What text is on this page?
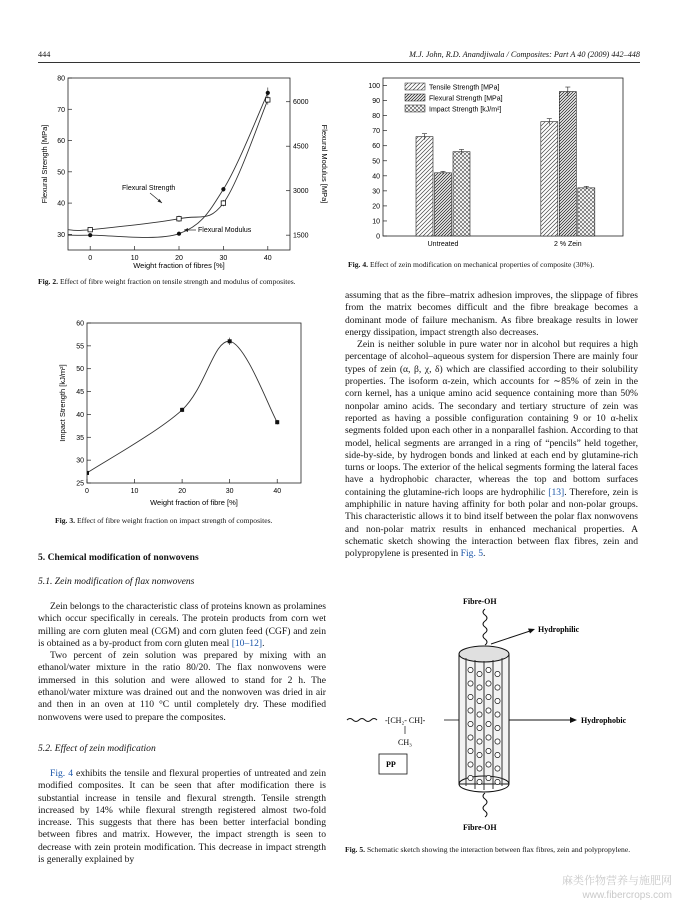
444	M.J. John, R.D. Anandjiwala / Composites: Part A 40 (2009) 442–448
0	10	20	30	40
30
40
50
60
70
80
1500
3000
4500
6000
Flexural Strength [MPa]	Flexural Modulus [MPa]
Weight fraction of fibres [%]
Flexural Strength
Flexural Modulus
Fig. 2. Effect of fibre weight fraction on tensile strength and modulus of composites.
0	10	20	30	40
25
30
35
40
45
50
55
60
Impact Strength [kJ/m²]
Weight fraction of fibre [%]
Fig. 3. Effect of fibre weight fraction on impact strength of composites.
5. Chemical modification of nonwovens
5.1. Zein modification of flax nonwovens

Zein belongs to the characteristic class of proteins known as prolamines which occur specifically in cereals. The protein products from corn wet milling are corn gluten meal (CGM) and corn gluten feed (CGF) and zein is obtained as a by-product from corn gluten meal [10–12].

Two percent of zein solution was prepared by mixing with an ethanol/water mixture in the ratio 80/20. The flax nonwovens were immersed in this solution and were allowed to stand for 2 h. The ethanol/water mixture was drained out and the nonwoven was dried in air and then in an oven at 110 °C until completely dry. These modified nonwovens were used to prepare the composites.

5.2. Effect of zein modification

Fig. 4 exhibits the tensile and flexural properties of untreated and zein modified composites. It can be seen that after modification there is substantial increase in tensile and flexural strength. Tensile strength increased by 14% while flexural strength registered almost two-fold increase. This suggests that there has been better interfacial bonding between fibres and matrix. However, the impact strength is seen to decrease with zein protein modification. This decrease in impact strength is generally explained by

0
10
20
30
40
50
60
70
80
90
100
Untreated	2 % Zein
Tensile Strength [MPa]
Flexural Strength [MPa]
Impact Strength [kJ/m²]
Fig. 4. Effect of zein modification on mechanical properties of composite (30%).

assuming that as the fibre–matrix adhesion improves, the slippage of fibres from the matrix becomes difficult and the fibre breakage becomes a dominant mode of failure mechanism. As fibre breakage results in lower energy dissipation, impact strength also decreases.

Zein is neither soluble in pure water nor in alcohol but requires a high percentage of alcohol–aqueous system for dispersion There are mainly four types of zein (α, β, χ, δ) which are classified according to their solubility properties. The isoform α-zein, which accounts for ∼85% of zein in the corn kernel, has a unique amino acid sequence containing more than 50% nonpolar amino acids. The secondary and tertiary structure of zein was reported as having a possible configuration containing 9 or 10 α-helix segments folded upon each other in a nonparallel fashion. According to that model, helical segments are arranged in a ring of “pencils” held together, side-by-side, by hydrogen bonds and linked at each end by glutamine-rich turns or loops. The exterior of the helical segments forming the lateral faces have a hydrophobic character, whereas the top and bottom surfaces containing the glutamine-rich loops are hydrophilic [13]. Therefore, zein is amphiphilic in nature having affinity for both polar and non-polar groups. This characteristic allows it to bind itself between the polar flax nonwovens and non-polar matrix results in enhanced mechanical properties. A schematic sketch showing the interaction between flax fibres, zein and polypropylene is presented in Fig. 5.

Fibre-OH
Hydrophilic
-[CH₂- CH]-
CH₃
PP
Hydrophobic
Fibre-OH
Fig. 5. Schematic sketch showing the interaction between flax fibres, zein and polypropylene.
麻类作物营养与施肥网
www.fibercrops.com
